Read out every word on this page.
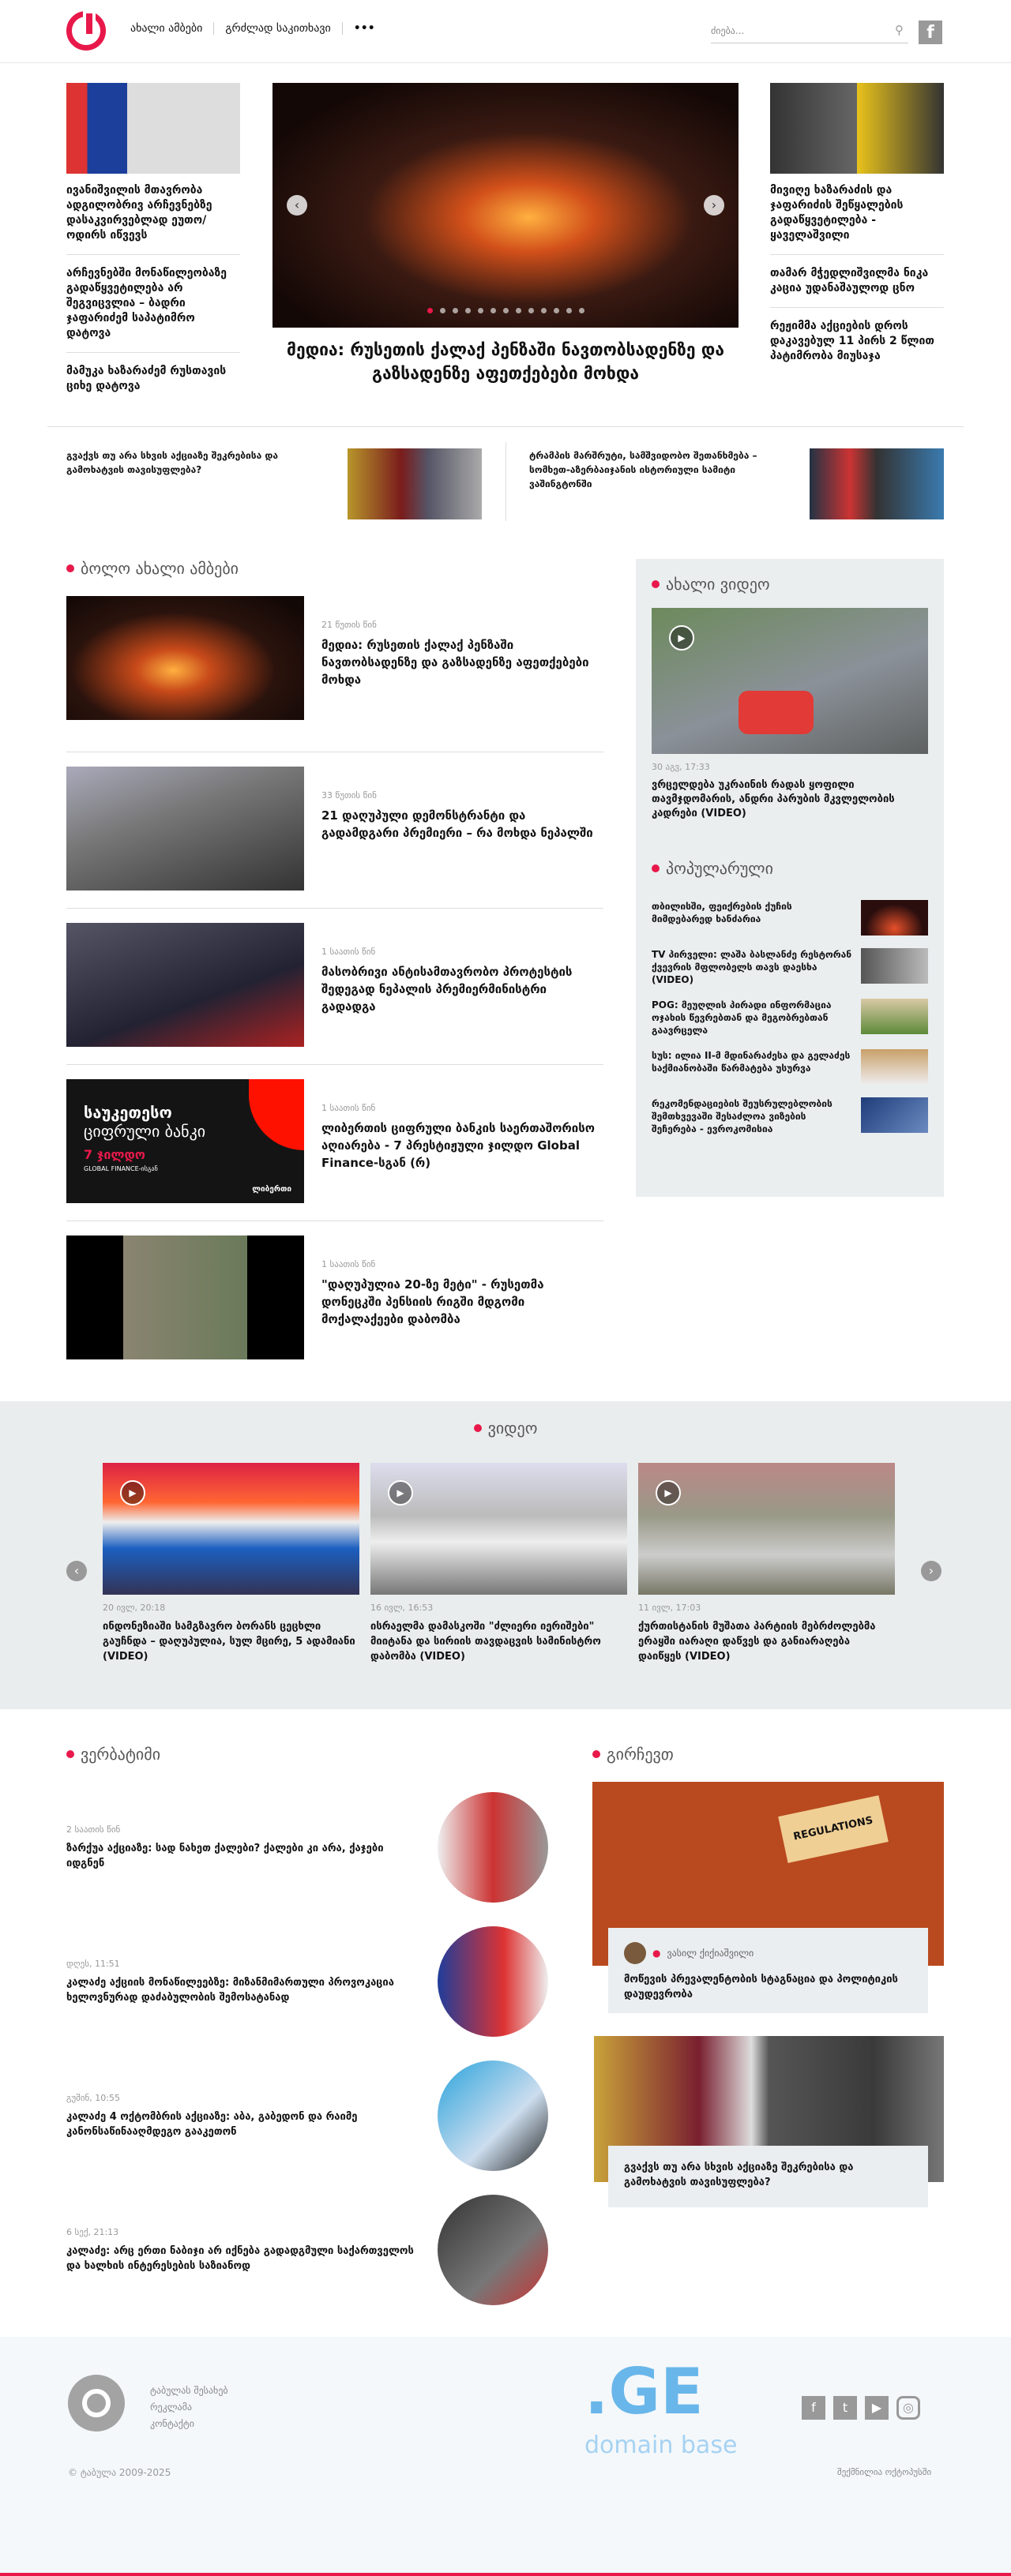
ახალი ამბები გრძლად საკითხავი •••	ძიება...	⚲	f
ივანიშვილის მთავრობა ადგილობრივ არჩევნებზე დასაკვირვებლად ეუთო/ოდირს იწვევს
არჩევნებში მონაწილეობაზე გადაწყვეტილება არ შეგვიცვლია – ბადრი ჯაფარიძემ საპატიმრო დატოვა
მამუკა ხაზარაძემ რუსთავის ციხე დატოვა
‹	›
მედია: რუსეთის ქალაქ პენზაში ნავთობსადენზე და გაზსადენზე აფეთქებები მოხდა
მივიღე ხაზარაძის და ჯაფარიძის შეწყალების გადაწყვეტილება - ყაველაშვილი
თამარ მჭედლიშვილმა ნიკა კაცია უდანაშაულოდ ცნო
რეჟიმმა აქციების დროს დაკავებულ 11 პირს 2 წლით პატიმრობა მიუსაჯა
გვაქვს თუ არა სხვის აქციაზე შეკრებისა და გამოხატვის თავისუფლება?
ტრამპის მარშრუტი, სამშვიდობო შეთანხმება – სომხეთ-აზერბაიჯანის ისტორიული სამიტი ვაშინგტონში
ბოლო ახალი ამბები
21 წუთის წინ
მედია: რუსეთის ქალაქ პენზაში ნავთობსადენზე და გაზსადენზე აფეთქებები მოხდა
33 წუთის წინ
21 დაღუპული დემონსტრანტი და გადამდგარი პრემიერი – რა მოხდა ნეპალში
1 საათის წინ
მასობრივი ანტისამთავრობო პროტესტის შედეგად ნეპალის პრემიერმინისტრი გადადგა
საუკეთესო
ციფრული ბანკი
7 ჯილდო
GLOBAL FINANCE-ისგან
ლიბერთი
1 საათის წინ
ლიბერთის ციფრული ბანკის საერთაშორისო აღიარება - 7 პრესტიჟული ჯილდო Global Finance-სგან (რ)
1 საათის წინ
"დაღუპულია 20-ზე მეტი" - რუსეთმა დონეცკში პენსიის რიგში მდგომი მოქალაქეები დაბომბა
ახალი ვიდეო
▶
30 აგვ, 17:33
ვრცელდება უკრაინის რადას ყოფილი თავმჯდომარის, ანდრი პარუბის მკვლელობის კადრები (VIDEO)
პოპულარული
თბილისში, ფეიქრების ქუჩის მიმდებარედ ხანძარია
TV პირველი: ლაშა ბასლანძე რესტორან ქვევრის მფლობელს თავს დაესხა (VIDEO)
POG: მეუღლის პირადი ინფორმაცია ოჯახის წევრებთან და მეგობრებთან გაავრცელა
სუს: ილია II-მ მდინარაძესა და გელაძეს საქმიანობაში წარმატება უსურვა
რეკომენდაციების შეუსრულებლობის შემთხვევაში შესაძლოა ვიზების შეჩერება - ევროკომისია
ვიდეო
‹	›
▶
20 ივლ, 20:18
ინდონეზიაში სამგზავრო ბორანს ცეცხლი გაუჩნდა – დაღუპულია, სულ მცირე, 5 ადამიანი (VIDEO)
▶
16 ივლ, 16:53
ისრაელმა დამასკოში "ძლიერი იერიშები" მიიტანა და სირიის თავდაცვის სამინისტრო დაბომბა (VIDEO)
▶
11 ივლ, 17:03
ქურთისტანის მუშათა პარტიის მებრძოლებმა ერაყში იარაღი დაწვეს და განიარაღება დაიწყეს (VIDEO)
ვერბატიმი
2 საათის წინ
ზარქუა აქციაზე: სად ნახეთ ქალები? ქალები კი არა, ქაჯები იდგნენ
დღეს, 11:51
კალაძე აქციის მონაწილეებზე: მიზანმიმართული პროვოკაცია ხელოვნურად დაძაბულობის შემოსატანად
გუშინ, 10:55
კალაძე 4 ოქტომბრის აქციაზე: აბა, გაბედონ და რაიმე კანონსაწინააღმდეგო გააკეთონ
6 სექ, 21:13
კალაძე: არც ერთი ნაბიჯი არ იქნება გადადგმული საქართველოს და ხალხის ინტერესების საზიანოდ
გირჩევთ
REGULATIONS
● ვასილ ქიქიაშვილი
მოწევის პრევალენტობის სტაგნაცია და პოლიტიკის დაუდევრობა
გვაქვს თუ არა სხვის აქციაზე შეკრებისა და გამოხატვის თავისუფლება?
ტაბულას შესახებ
რეკლამა
კონტაქტი
© ტაბულა 2009-2025
f	t	▶	◎
შექმნილია ოქტოპუსში
.GE
domain base
